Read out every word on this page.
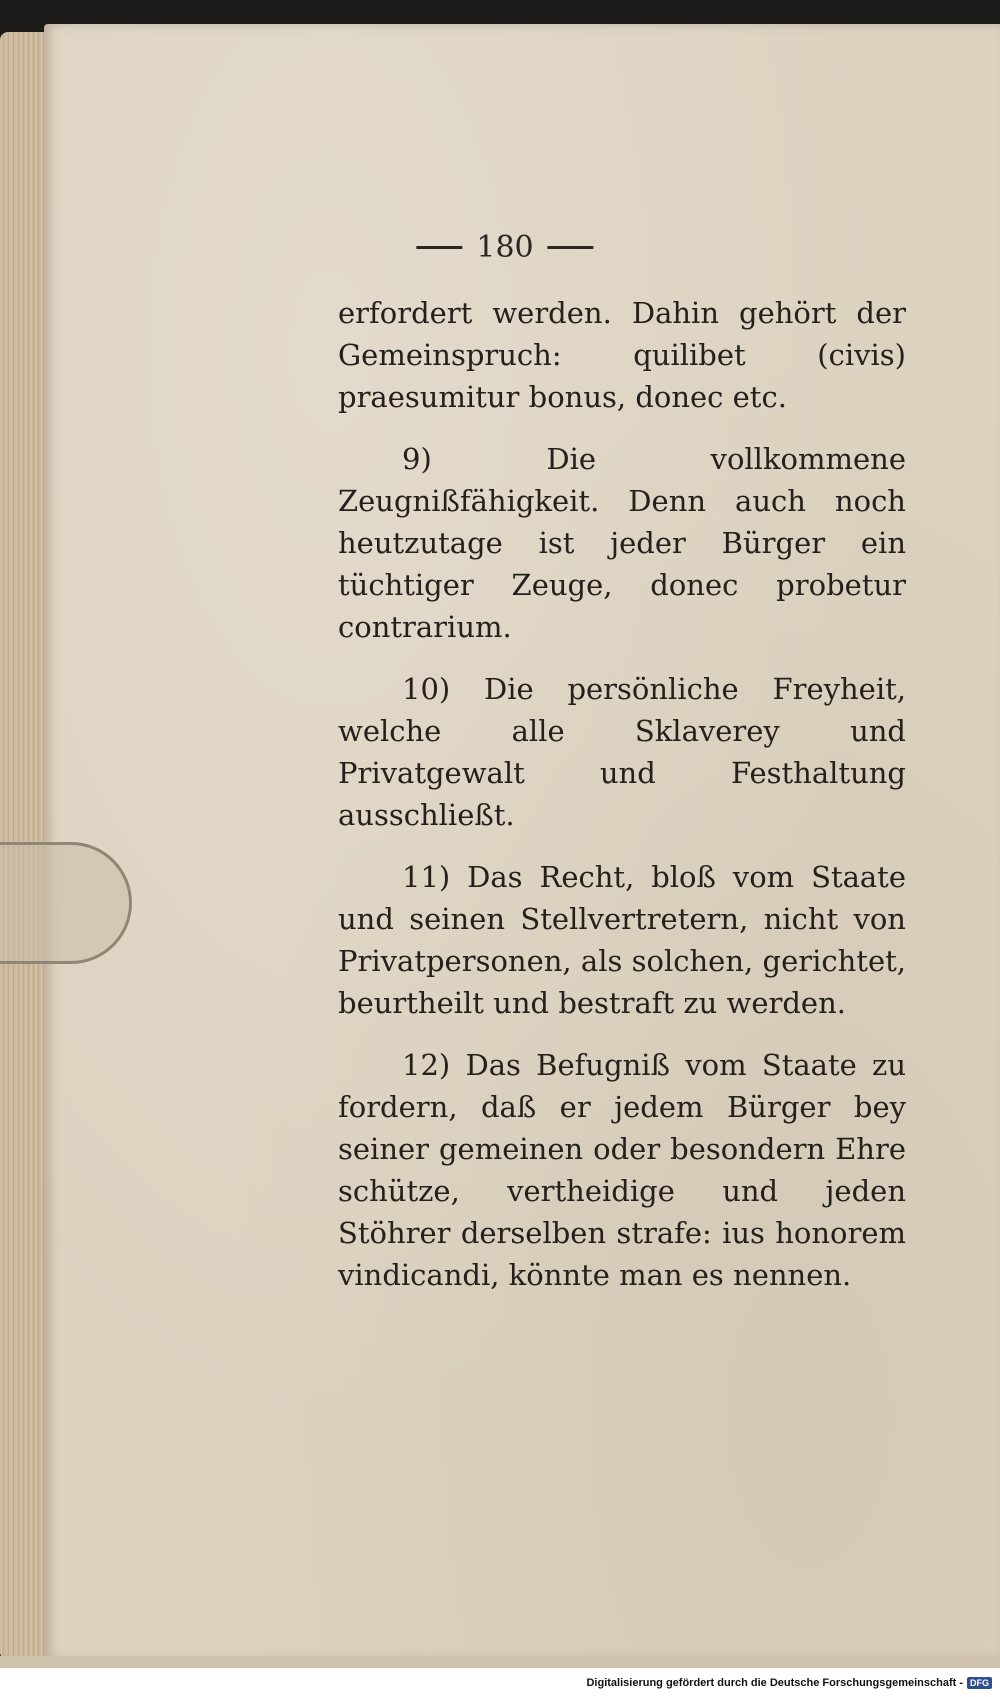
180

erfordert werden. Dahin gehört der Gemeinspruch: quilibet (civis) praesumitur bonus, donec etc.

9) Die vollkommene Zeugnißfähigkeit. Denn auch noch heutzutage ist jeder Bürger ein tüchtiger Zeuge, donec probetur contrarium.

10) Die persönliche Freyheit, welche alle Sklaverey und Privatgewalt und Festhaltung ausschließt.

11) Das Recht, bloß vom Staate und seinen Stellvertretern, nicht von Privatpersonen, als solchen, gerichtet, beurtheilt und bestraft zu werden.

12) Das Befugniß vom Staate zu fordern, daß er jedem Bürger bey seiner gemeinen oder besondern Ehre schütze, vertheidige und jeden Stöhrer derselben strafe: ius honorem vindicandi, könnte man es nennen.

Digitalisierung gefördert durch die Deutsche Forschungsgemeinschaft - DFG
